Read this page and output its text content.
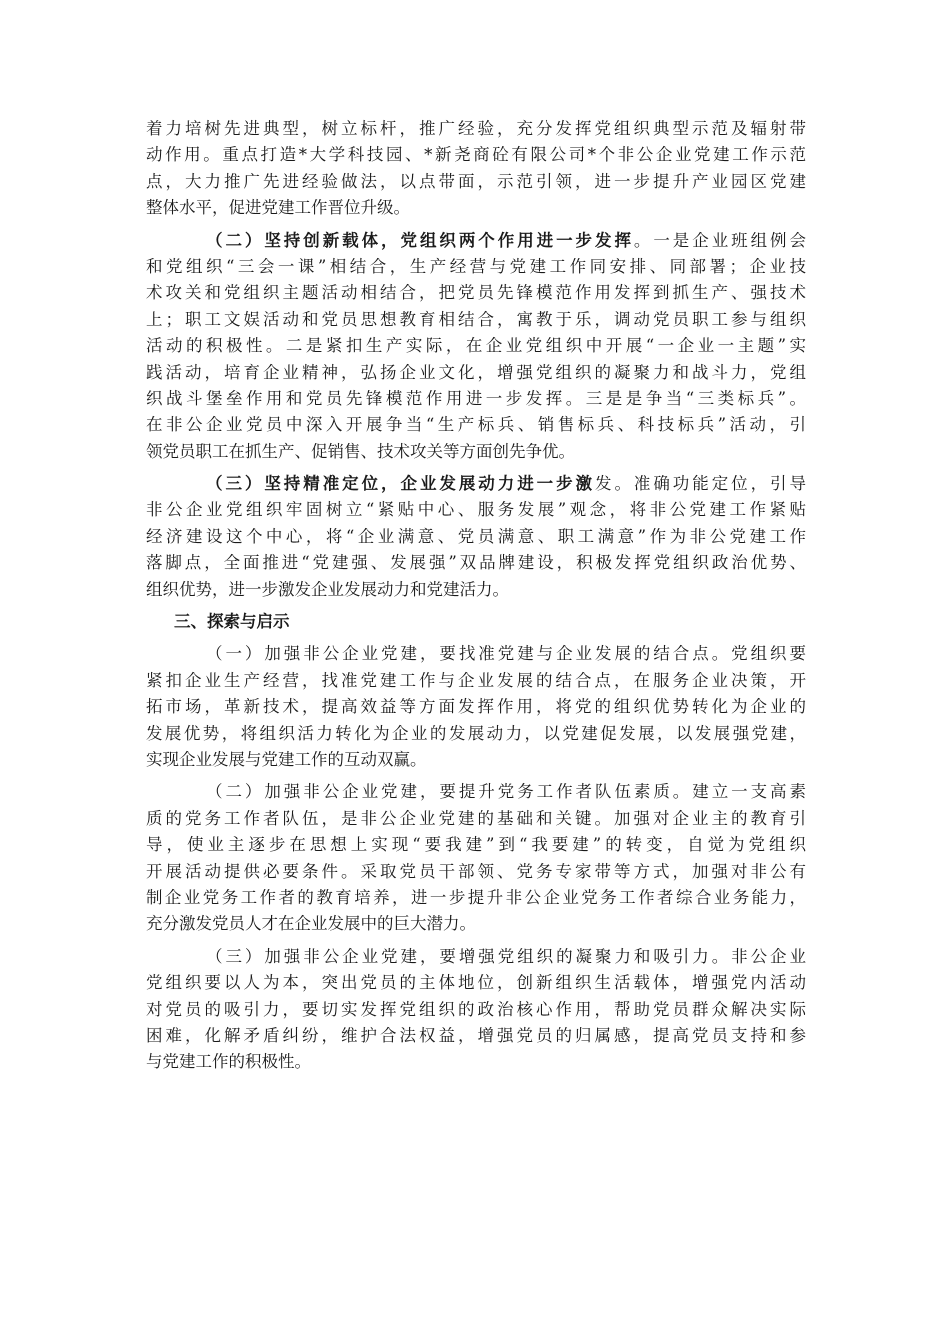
着力培树先进典型，树立标杆，推广经验，充分发挥党组织典型示范及辐射带
动作用。重点打造*大学科技园、*新尧商砼有限公司*个非公企业党建工作示范
点，大力推广先进经验做法，以点带面，示范引领，进一步提升产业园区党建
整体水平，促进党建工作晋位升级。
（二）坚持创新载体，党组织两个作用进一步发挥。一是企业班组例会
和党组织“三会一课”相结合，生产经营与党建工作同安排、同部署；企业技
术攻关和党组织主题活动相结合，把党员先锋模范作用发挥到抓生产、强技术
上；职工文娱活动和党员思想教育相结合，寓教于乐，调动党员职工参与组织
活动的积极性。二是紧扣生产实际，在企业党组织中开展“一企业一主题”实
践活动，培育企业精神，弘扬企业文化，增强党组织的凝聚力和战斗力，党组
织战斗堡垒作用和党员先锋模范作用进一步发挥。三是是争当“三类标兵”。
在非公企业党员中深入开展争当“生产标兵、销售标兵、科技标兵”活动，引
领党员职工在抓生产、促销售、技术攻关等方面创先争优。
（三）坚持精准定位，企业发展动力进一步激发。准确功能定位，引导
非公企业党组织牢固树立“紧贴中心、服务发展”观念，将非公党建工作紧贴
经济建设这个中心，将“企业满意、党员满意、职工满意”作为非公党建工作
落脚点，全面推进“党建强、发展强”双品牌建设，积极发挥党组织政治优势、
组织优势，进一步激发企业发展动力和党建活力。
三、探索与启示
（一）加强非公企业党建，要找准党建与企业发展的结合点。党组织要
紧扣企业生产经营，找准党建工作与企业发展的结合点，在服务企业决策，开
拓市场，革新技术，提高效益等方面发挥作用，将党的组织优势转化为企业的
发展优势，将组织活力转化为企业的发展动力，以党建促发展，以发展强党建，
实现企业发展与党建工作的互动双赢。
（二）加强非公企业党建，要提升党务工作者队伍素质。建立一支高素
质的党务工作者队伍，是非公企业党建的基础和关键。加强对企业主的教育引
导，使业主逐步在思想上实现“要我建”到“我要建”的转变，自觉为党组织
开展活动提供必要条件。采取党员干部领、党务专家带等方式，加强对非公有
制企业党务工作者的教育培养，进一步提升非公企业党务工作者综合业务能力，
充分激发党员人才在企业发展中的巨大潜力。
（三）加强非公企业党建，要增强党组织的凝聚力和吸引力。非公企业
党组织要以人为本，突出党员的主体地位，创新组织生活载体，增强党内活动
对党员的吸引力，要切实发挥党组织的政治核心作用，帮助党员群众解决实际
困难，化解矛盾纠纷，维护合法权益，增强党员的归属感，提高党员支持和参
与党建工作的积极性。
